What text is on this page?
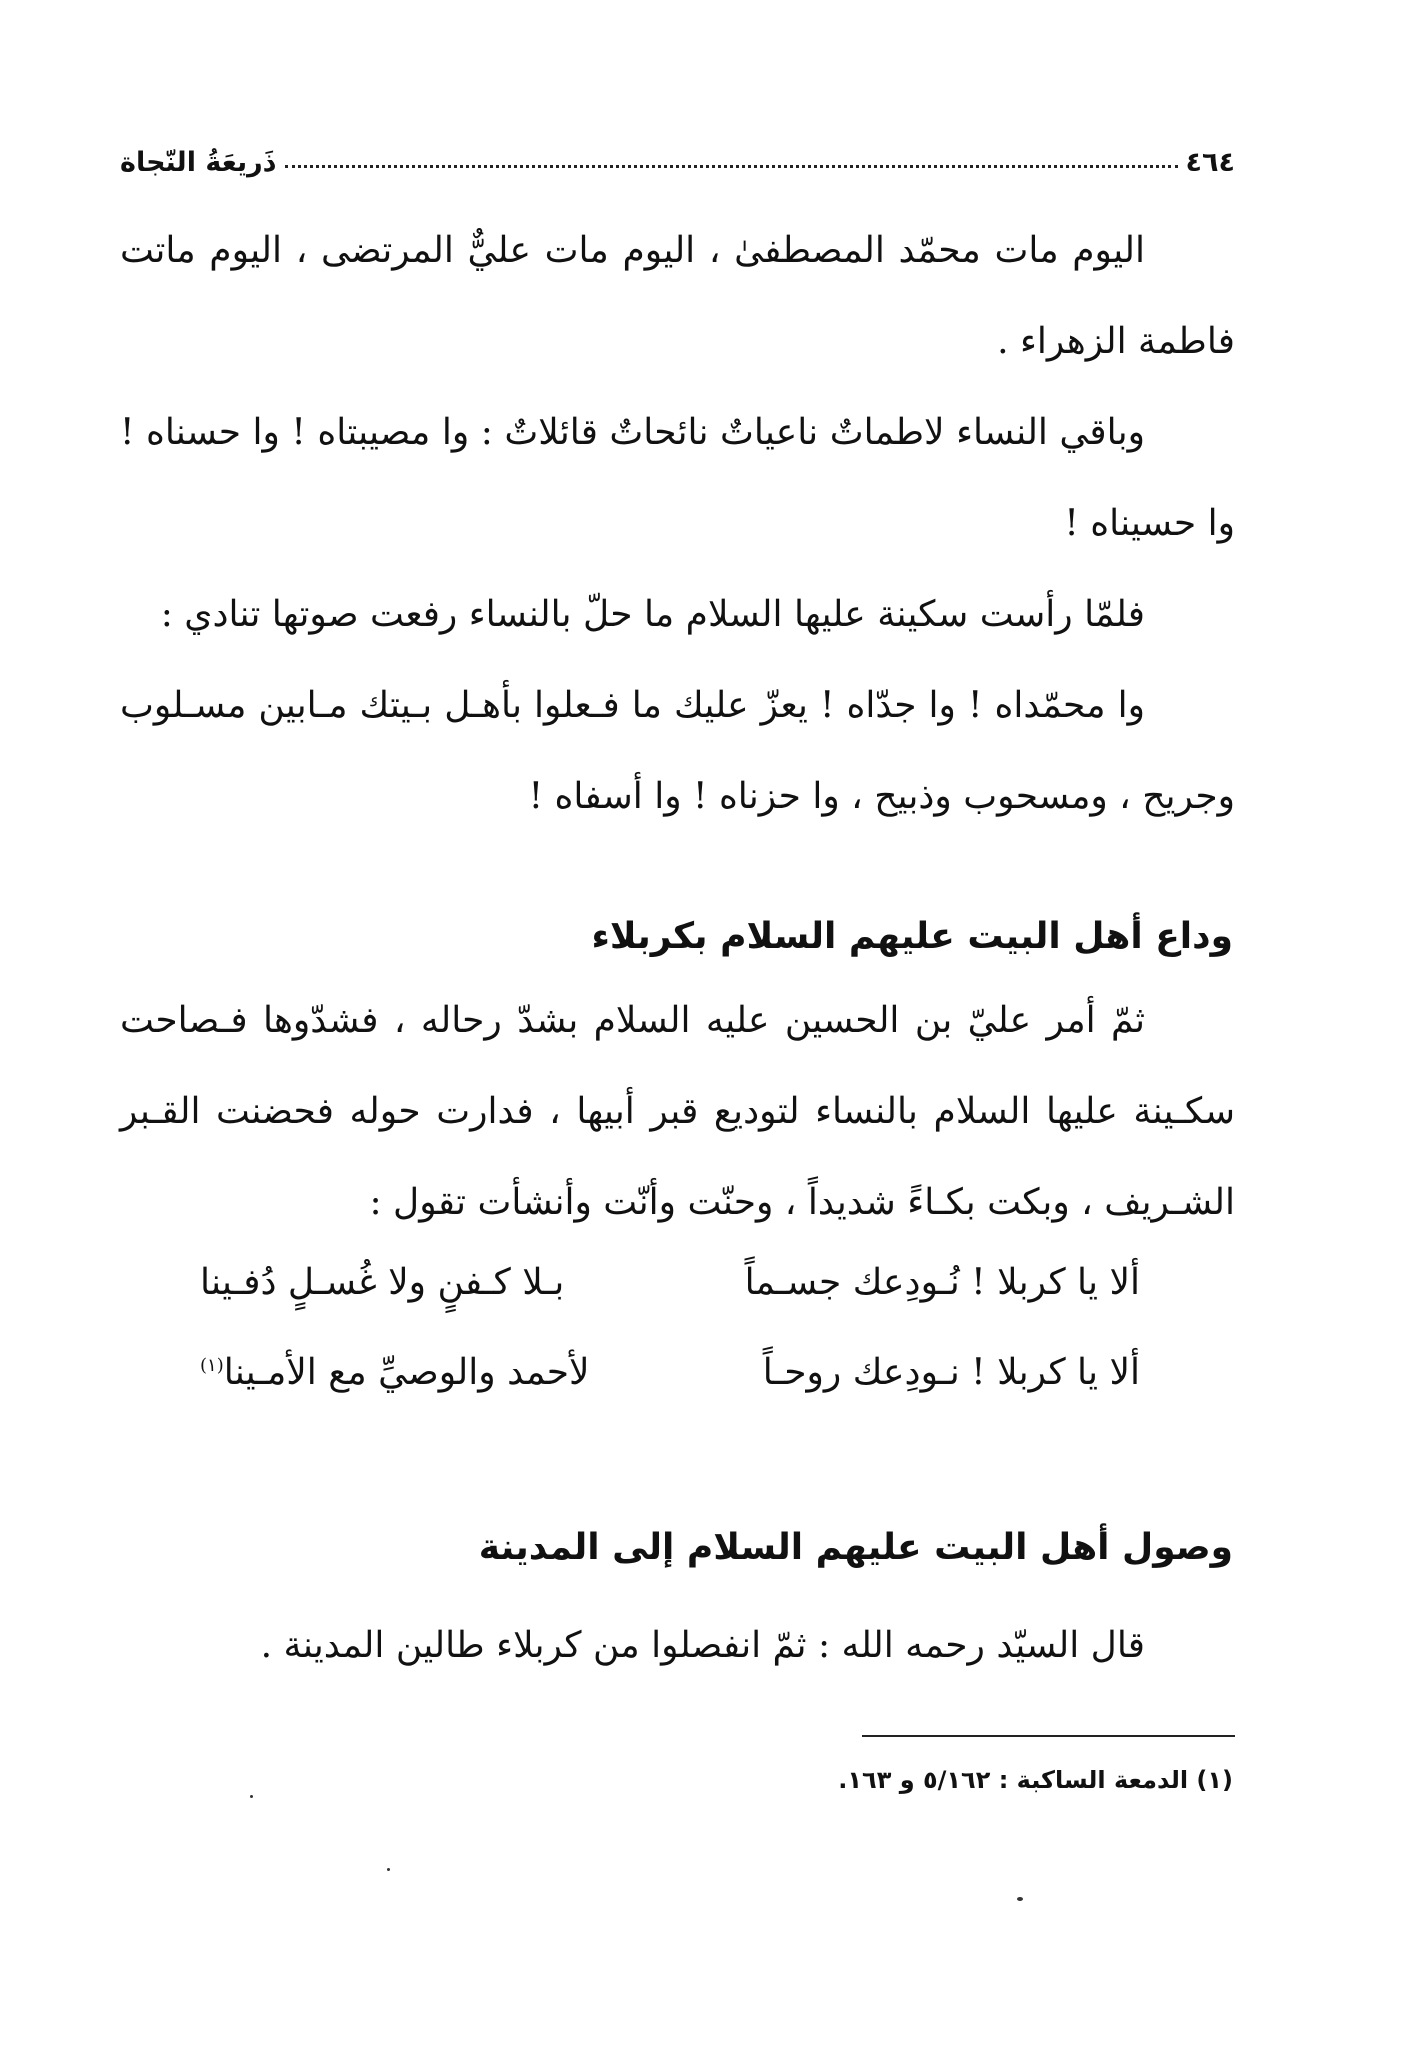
٤٦٤
ذَريعَةُ النّجاة

اليوم مات محمّد المصطفىٰ ، اليوم مات عليٌّ المرتضى ، اليوم ماتت فاطمة الزهراء .

وباقي النساء لاطماتٌ ناعياتٌ نائحاتٌ قائلاتٌ : وا مصيبتاه ! وا حسناه ! وا حسيناه !

فلمّا رأست سكينة عليها السلام ما حلّ بالنساء رفعت صوتها تنادي :

وا محمّداه ! وا جدّاه ! يعزّ عليك ما فـعلوا بأهـل بـيتك مـابين مسـلوب وجريح ، ومسحوب وذبيح ، وا حزناه ! وا أسفاه !

وداع أهل البيت عليهم السلام بكربلاء

ثمّ أمر عليّ بن الحسين عليه السلام بشدّ رحاله ، فشدّوها فـصاحت سكـينة عليها السلام بالنساء لتوديع قبر أبيها ، فدارت حوله فحضنت القـبر الشـريف ، وبكت بكـاءً شديداً ، وحنّت وأنّت وأنشأت تقول :

ألا يا كربلا ! نُـودِعك جسـماً
بـلا كـفنٍ ولا غُسـلٍ دُفـينا
ألا يا كربلا ! نـودِعك روحـاً
لأحمد والوصيِّ مع الأمـينا$^{(١)}$
وصول أهل البيت عليهم السلام إلى المدينة

قال السيّد رحمه الله : ثمّ انفصلوا من كربلاء طالين المدينة .

(١) الدمعة الساكبة : ٥/١٦٢ و ١٦٣.
